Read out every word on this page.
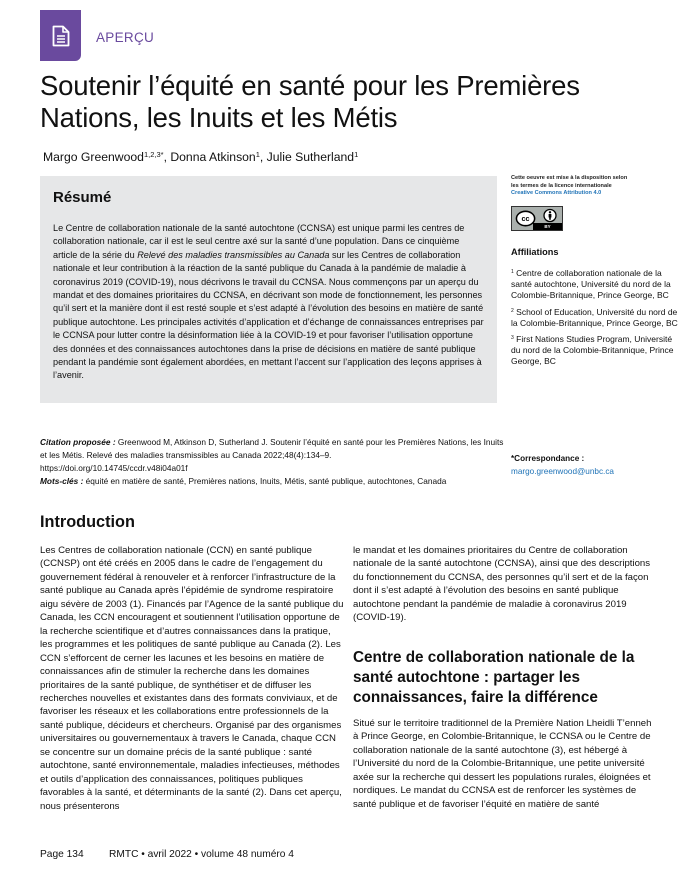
APERÇU
Soutenir l’équité en santé pour les Premières Nations, les Inuits et les Métis
Margo Greenwood$^{1,2,3*}$, Donna Atkinson$^1$, Julie Sutherland$^1$
Résumé

Le Centre de collaboration nationale de la santé autochtone (CCNSA) est unique parmi les centres de collaboration nationale, car il est le seul centre axé sur la santé d’une population. Dans ce cinquième article de la série du Relevé des maladies transmissibles au Canada sur les Centres de collaboration nationale et leur contribution à la réaction de la santé publique du Canada à la pandémie de maladie à coronavirus 2019 (COVID-19), nous décrivons le travail du CCNSA. Nous commençons par un aperçu du mandat et des domaines prioritaires du CCNSA, en décrivant son mode de fonctionnement, les personnes qu’il sert et la manière dont il est resté souple et s’est adapté à l’évolution des besoins en matière de santé publique autochtone. Les principales activités d’application et d’échange de connaissances entreprises par le CCNSA pour lutter contre la désinformation liée à la COVID-19 et pour favoriser l’utilisation opportune des données et des connaissances autochtones dans la prise de décisions en matière de santé publique pendant la pandémie sont également abordées, en mettant l’accent sur l’application des leçons apprises à l’avenir.

Citation proposée : Greenwood M, Atkinson D, Sutherland J. Soutenir l’équité en santé pour les Premières Nations, les Inuits et les Métis. Relevé des maladies transmissibles au Canada 2022;48(4):134–9.
https://doi.org/10.14745/ccdr.v48i04a01f
Mots-clés : équité en matière de santé, Premières nations, Inuits, Métis, santé publique, autochtones, Canada
Cette oeuvre est mise à la disposition selon
les termes de la licence internationale
Creative Commons Attribution 4.0
cc
BY
Affiliations
$^1$ Centre de collaboration nationale de la santé autochtone, Université du nord de la Colombie-Britannique, Prince George, BC
$^2$ School of Education, Université du nord de la Colombie-Britannique, Prince George, BC
$^3$ First Nations Studies Program, Université du nord de la Colombie-Britannique, Prince George, BC
*Correspondance :
margo.greenwood@unbc.ca
Introduction

Les Centres de collaboration nationale (CCN) en santé publique (CCNSP) ont été créés en 2005 dans le cadre de l’engagement du gouvernement fédéral à renouveler et à renforcer l’infrastructure de la santé publique au Canada après l’épidémie de syndrome respiratoire aigu sévère de 2003 (1). Financés par l’Agence de la santé publique du Canada, les CCN encouragent et soutiennent l’utilisation opportune de la recherche scientifique et d’autres connaissances dans la pratique, les programmes et les politiques de santé publique au Canada (2). Les CCN s’efforcent de cerner les lacunes et les besoins en matière de connaissances afin de stimuler la recherche dans les domaines prioritaires de la santé publique, de synthétiser et de diffuser les recherches nouvelles et existantes dans des formats conviviaux, et de favoriser les réseaux et les collaborations entre professionnels de la santé publique, décideurs et chercheurs. Organisé par des organismes universitaires ou gouvernementaux à travers le Canada, chaque CCN se concentre sur un domaine précis de la santé publique : santé autochtone, santé environnementale, maladies infectieuses, méthodes et outils d’application des connaissances, politiques publiques favorables à la santé, et déterminants de la santé (2). Dans cet aperçu, nous présenterons

le mandat et les domaines prioritaires du Centre de collaboration nationale de la santé autochtone (CCNSA), ainsi que des descriptions du fonctionnement du CCNSA, des personnes qu’il sert et de la façon dont il s’est adapté à l’évolution des besoins en santé publique autochtone pendant la pandémie de maladie à coronavirus 2019 (COVID-19).

Centre de collaboration nationale de la santé autochtone : partager les connaissances, faire la différence

Situé sur le territoire traditionnel de la Première Nation Lheidli T’enneh à Prince George, en Colombie-Britannique, le CCNSA ou le Centre de collaboration nationale de la santé autochtone (3), est hébergé à l’Université du nord de la Colombie-Britannique, une petite université axée sur la recherche qui dessert les populations rurales, éloignées et nordiques. Le mandat du CCNSA est de renforcer les systèmes de santé publique et de favoriser l’équité en matière de santé

Page 134	RMTC • avril 2022 • volume 48 numéro 4
